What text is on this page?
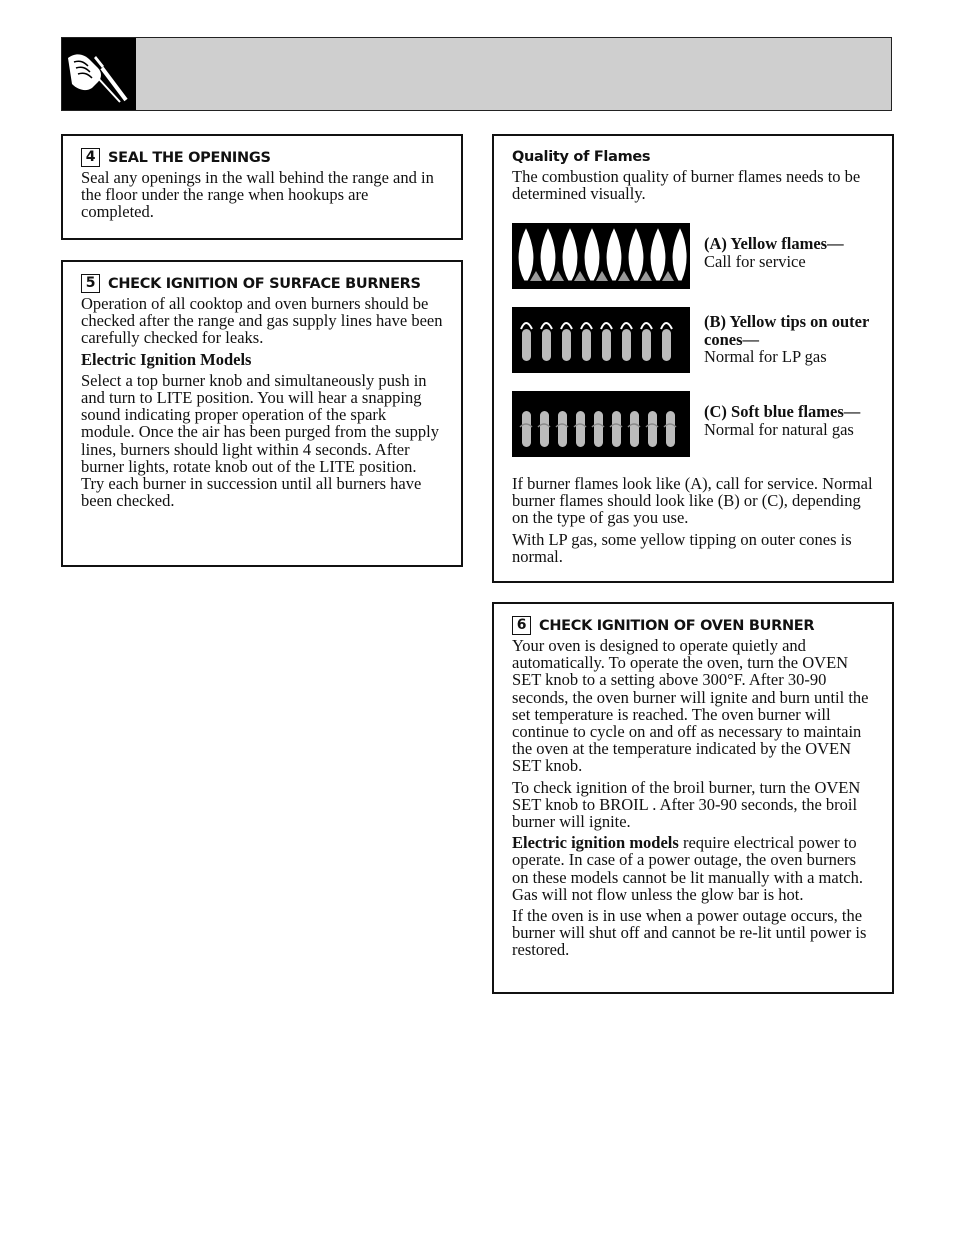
4 SEAL THE OPENINGS

Seal any openings in the wall behind the range and in the floor under the range when hookups are completed.

5 CHECK IGNITION OF SURFACE BURNERS

Operation of all cooktop and oven burners should be checked after the range and gas supply lines have been carefully checked for leaks.

Electric Ignition Models

Select a top burner knob and simultaneously push in and turn to LITE position. You will hear a snapping sound indicating proper operation of the spark module. Once the air has been purged from the supply lines, burners should light within 4 seconds. After burner lights, rotate knob out of the LITE position. Try each burner in succession until all burners have been checked.

Quality of Flames

The combustion quality of burner flames needs to be determined visually.

(A) Yellow flames—
Call for service
(B) Yellow tips on outer cones—
Normal for LP gas
(C) Soft blue flames—
Normal for natural gas

If burner flames look like (A), call for service. Normal burner flames should look like (B) or (C), depending on the type of gas you use.

With LP gas, some yellow tipping on outer cones is normal.

6 CHECK IGNITION OF OVEN BURNER

Your oven is designed to operate quietly and automatically. To operate the oven, turn the OVEN SET knob to a setting above 300°F. After 30-90 seconds, the oven burner will ignite and burn until the set temperature is reached. The oven burner will continue to cycle on and off as necessary to maintain the oven at the temperature indicated by the OVEN SET knob.

To check ignition of the broil burner, turn the OVEN SET knob to BROIL . After 30-90 seconds, the broil burner will ignite.

Electric ignition models require electrical power to operate. In case of a power outage, the oven burners on these models cannot be lit manually with a match. Gas will not flow unless the glow bar is hot.

If the oven is in use when a power outage occurs, the burner will shut off and cannot be re-lit until power is restored.
